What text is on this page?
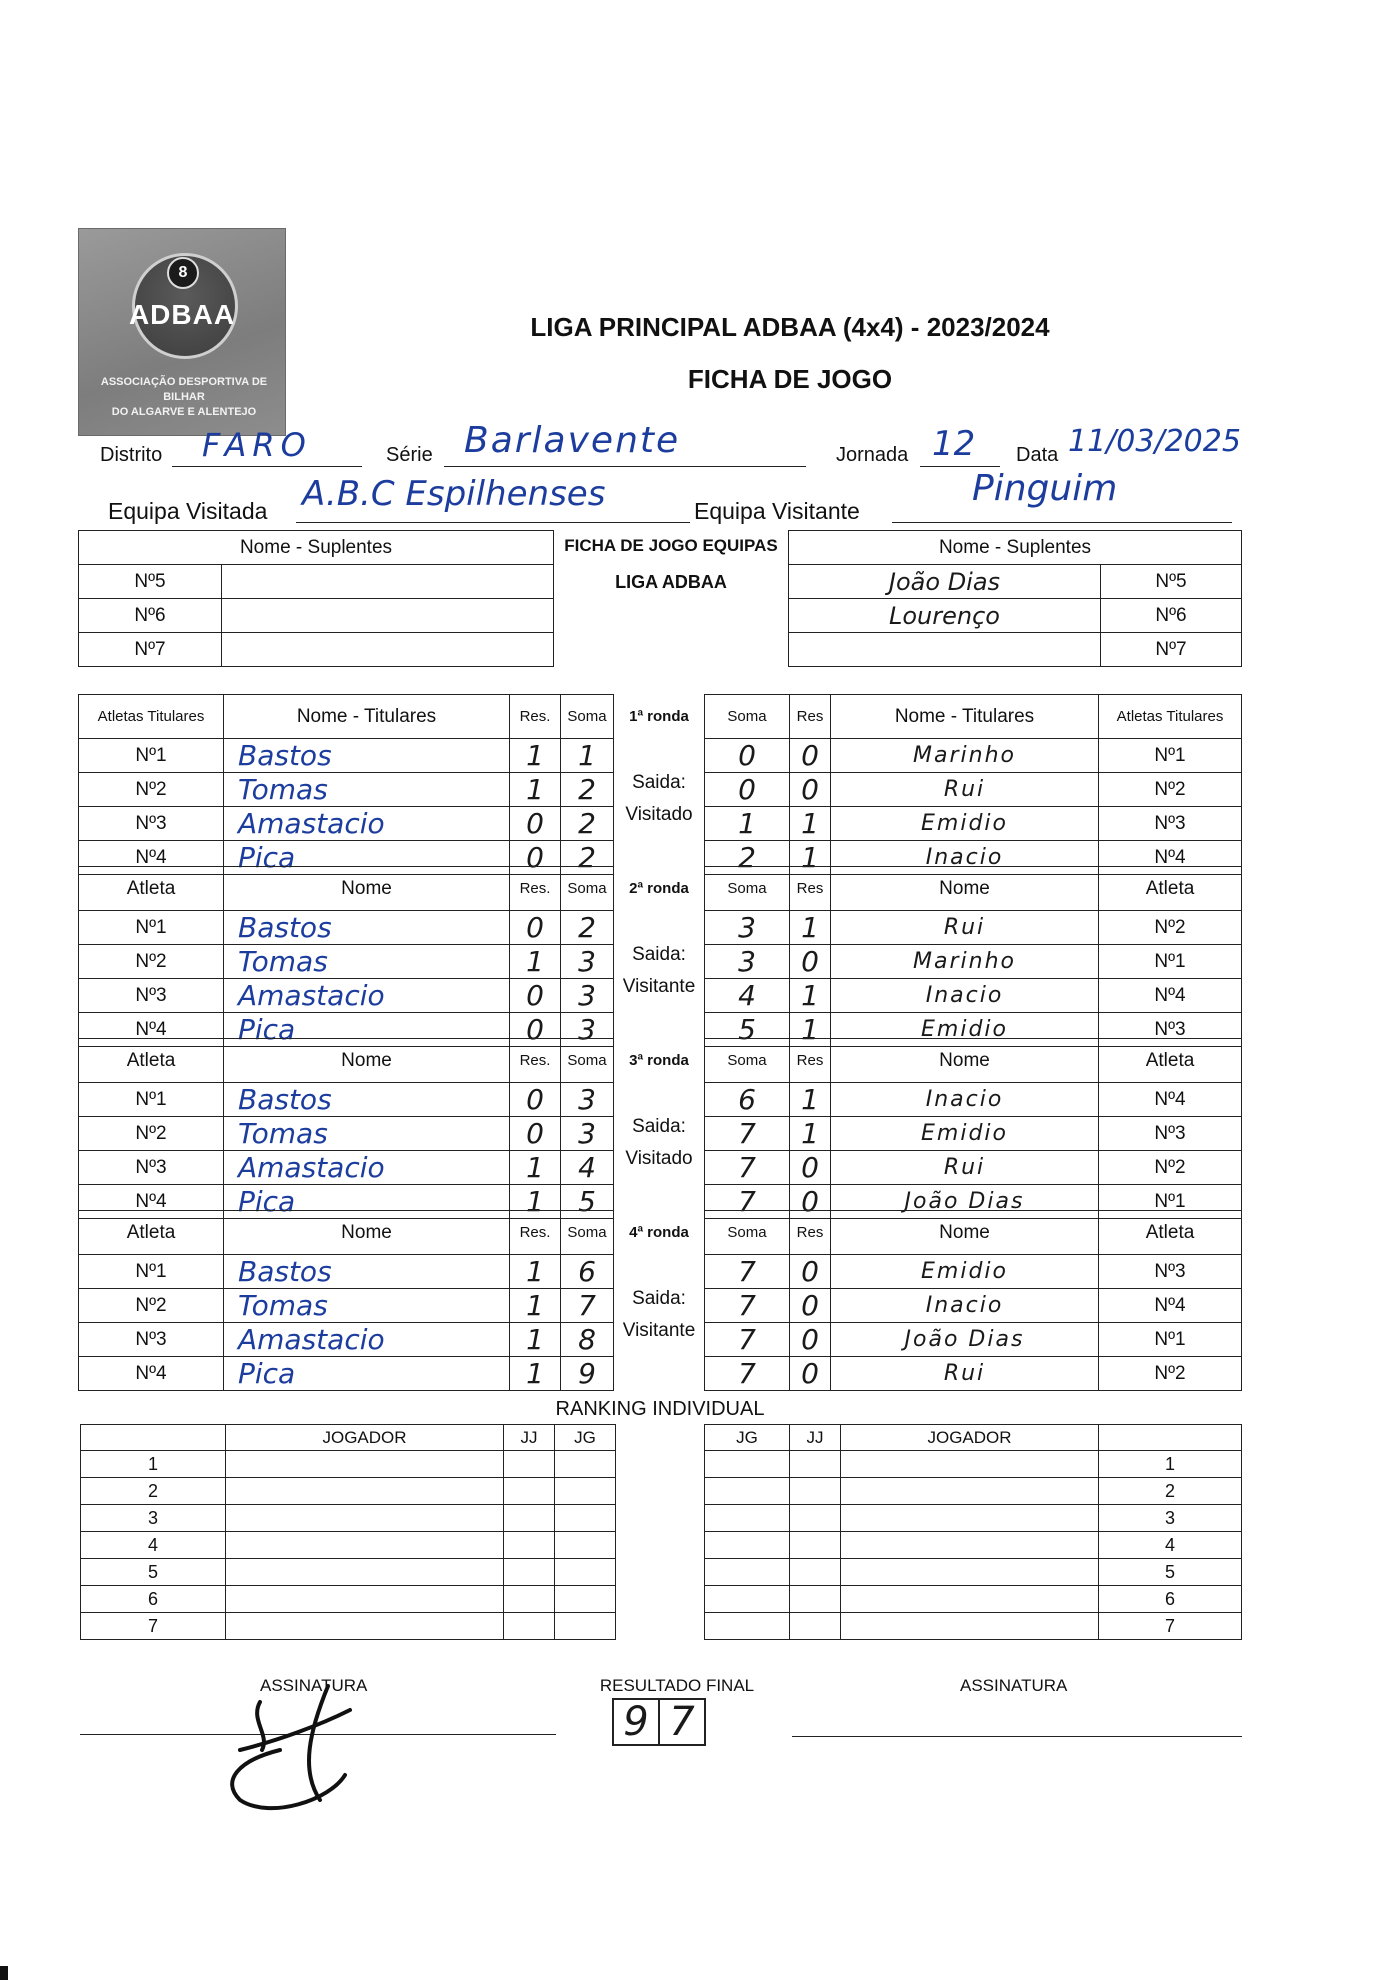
8
ADBAA
ASSOCIAÇÃO DESPORTIVA DE BILHAR
DO ALGARVE E ALENTEJO
LIGA PRINCIPAL ADBAA (4x4) - 2023/2024
FICHA DE JOGO
Distrito FARO	Série Barlavente	Jornada 12 Data 11/03/2025
Equipa Visitada A.B.C Espilhenses	Equipa Visitante
Pinguim
Nome - Suplentes	
Nº5	
Nº6	
Nº7	
FICHA DE JOGO EQUIPAS
LIGA ADBAA
Nome - Suplentes	
João Dias	Nº5
Lourenço	Nº6
	Nº7
Atletas Titulares	Nome - Titulares	Res.	Soma
Nº1	Bastos	1	1
Nº2	Tomas	1	2
Nº3	Amastacio	0	2
Nº4	Pica	0	2
1ª ronda
Saida:
Visitado
Soma	Res	Nome - Titulares	Atletas Titulares
0	0	Marinho	Nº1
0	0	Rui	Nº2
1	1	Emidio	Nº3
2	1	Inacio	Nº4
Atleta	Nome	Res.	Soma
Nº1	Bastos	0	2
Nº2	Tomas	1	3
Nº3	Amastacio	0	3
Nº4	Pica	0	3
2ª ronda
Saida:
Visitante
Soma	Res	Nome	Atleta
3	1	Rui	Nº2
3	0	Marinho	Nº1
4	1	Inacio	Nº4
5	1	Emidio	Nº3
Atleta	Nome	Res.	Soma
Nº1	Bastos	0	3
Nº2	Tomas	0	3
Nº3	Amastacio	1	4
Nº4	Pica	1	5
3ª ronda
Saida:
Visitado
Soma	Res	Nome	Atleta
6	1	Inacio	Nº4
7	1	Emidio	Nº3
7	0	Rui	Nº2
7	0	João Dias	Nº1
Atleta	Nome	Res.	Soma
Nº1	Bastos	1	6
Nº2	Tomas	1	7
Nº3	Amastacio	1	8
Nº4	Pica	1	9
4ª ronda
Saida:
Visitante
Soma	Res	Nome	Atleta
7	0	Emidio	Nº3
7	0	Inacio	Nº4
7	0	João Dias	Nº1
7	0	Rui	Nº2
RANKING INDIVIDUAL
	JOGADOR	JJ	JG
1			
2			
3			
4			
5			
6			
7			
JG	JJ	JOGADOR	
			1
			2
			3
			4
			5
			6
			7
ASSINATURA	RESULTADO FINAL
9 7
ASSINATURA
